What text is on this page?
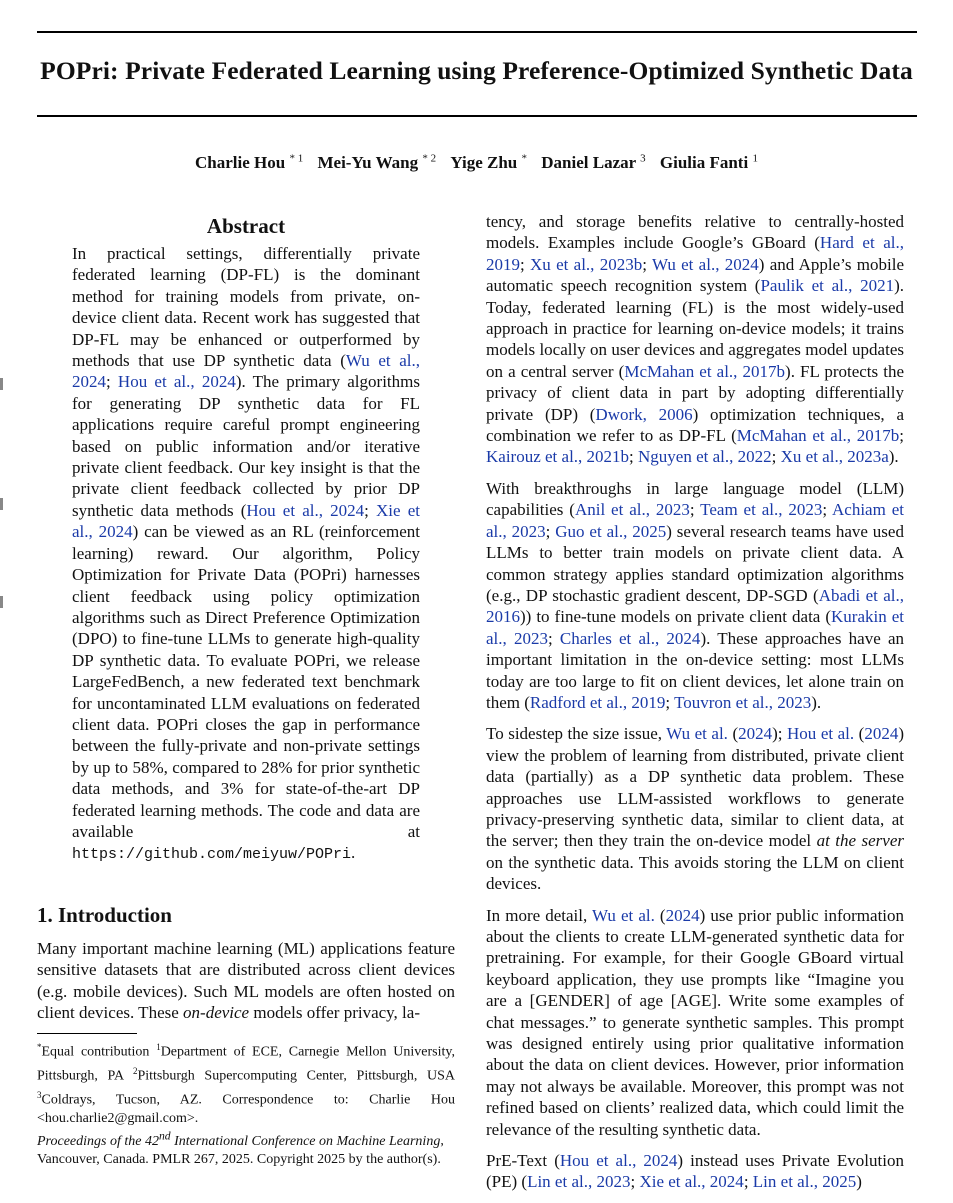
POPri: Private Federated Learning using Preference-Optimized Synthetic Data
Charlie Hou $^{* 1}$ Mei-Yu Wang $^{* 2}$ Yige Zhu * Daniel Lazar $^3$ Giulia Fanti $^1$
Abstract
In practical settings, differentially private federated learning (DP-FL) is the dominant method for training models from private, on-device client data. Recent work has suggested that DP-FL may be enhanced or outperformed by methods that use DP synthetic data (Wu et al., 2024; Hou et al., 2024). The primary algorithms for generating DP synthetic data for FL applications require careful prompt engineering based on public information and/or iterative private client feedback. Our key insight is that the private client feedback collected by prior DP synthetic data methods (Hou et al., 2024; Xie et al., 2024) can be viewed as an RL (reinforcement learning) reward. Our algorithm, Policy Optimization for Private Data (POPri) harnesses client feedback using policy optimization algorithms such as Direct Preference Optimization (DPO) to fine-tune LLMs to generate high-quality DP synthetic data. To evaluate POPri, we release LargeFedBench, a new federated text benchmark for uncontaminated LLM evaluations on federated client data. POPri closes the gap in performance between the fully-private and non-private settings by up to 58%, compared to 28% for prior synthetic data methods, and 3% for state-of-the-art DP federated learning methods. The code and data are available at https://github.com/meiyuw/POPri.
1. Introduction
Many important machine learning (ML) applications feature sensitive datasets that are distributed across client devices (e.g. mobile devices). Such ML models are often hosted on client devices. These on-device models offer privacy, la-
*Equal contribution $^1$Department of ECE, Carnegie Mellon University, Pittsburgh, PA $^2$Pittsburgh Supercomputing Center, Pittsburgh, USA $^3$Coldrays, Tucson, AZ. Correspondence to: Charlie Hou <hou.charlie2@gmail.com>.
Proceedings of the 42nd International Conference on Machine Learning, Vancouver, Canada. PMLR 267, 2025. Copyright 2025 by the author(s).

tency, and storage benefits relative to centrally-hosted models. Examples include Google’s GBoard (Hard et al., 2019; Xu et al., 2023b; Wu et al., 2024) and Apple’s mobile automatic speech recognition system (Paulik et al., 2021). Today, federated learning (FL) is the most widely-used approach in practice for learning on-device models; it trains models locally on user devices and aggregates model updates on a central server (McMahan et al., 2017b). FL protects the privacy of client data in part by adopting differentially private (DP) (Dwork, 2006) optimization techniques, a combination we refer to as DP-FL (McMahan et al., 2017b; Kairouz et al., 2021b; Nguyen et al., 2022; Xu et al., 2023a).

With breakthroughs in large language model (LLM) capabilities (Anil et al., 2023; Team et al., 2023; Achiam et al., 2023; Guo et al., 2025) several research teams have used LLMs to better train models on private client data. A common strategy applies standard optimization algorithms (e.g., DP stochastic gradient descent, DP-SGD (Abadi et al., 2016)) to fine-tune models on private client data (Kurakin et al., 2023; Charles et al., 2024). These approaches have an important limitation in the on-device setting: most LLMs today are too large to fit on client devices, let alone train on them (Radford et al., 2019; Touvron et al., 2023).

To sidestep the size issue, Wu et al. (2024); Hou et al. (2024) view the problem of learning from distributed, private client data (partially) as a DP synthetic data problem. These approaches use LLM-assisted workflows to generate privacy-preserving synthetic data, similar to client data, at the server; then they train the on-device model at the server on the synthetic data. This avoids storing the LLM on client devices.

In more detail, Wu et al. (2024) use prior public information about the clients to create LLM-generated synthetic data for pretraining. For example, for their Google GBoard virtual keyboard application, they use prompts like “Imagine you are a [GENDER] of age [AGE]. Write some examples of chat messages.” to generate synthetic samples. This prompt was designed entirely using prior qualitative information about the data on client devices. However, prior information may not always be available. Moreover, this prompt was not refined based on clients’ realized data, which could limit the relevance of the resulting synthetic data.

PrE-Text (Hou et al., 2024) instead uses Private Evolution (PE) (Lin et al., 2023; Xie et al., 2024; Lin et al., 2025)
